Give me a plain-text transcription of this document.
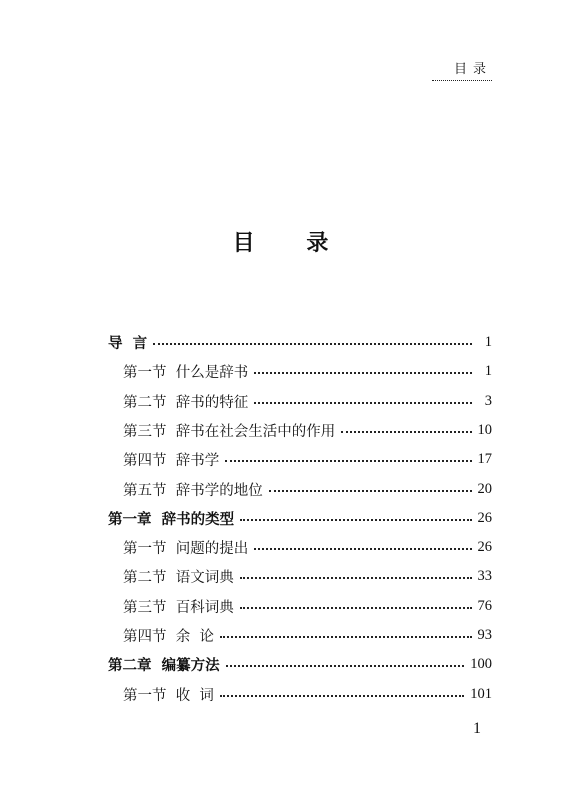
目录
目 录
导  言	1
第一节  什么是辞书	1
第二节  辞书的特征	3
第三节  辞书在社会生活中的作用	10
第四节  辞书学	17
第五节  辞书学的地位	20
第一章  辞书的类型	26
第一节  问题的提出	26
第二节  语文词典	33
第三节  百科词典	76
第四节  余  论	93
第二章  编纂方法	100
第一节  收  词	101
1
